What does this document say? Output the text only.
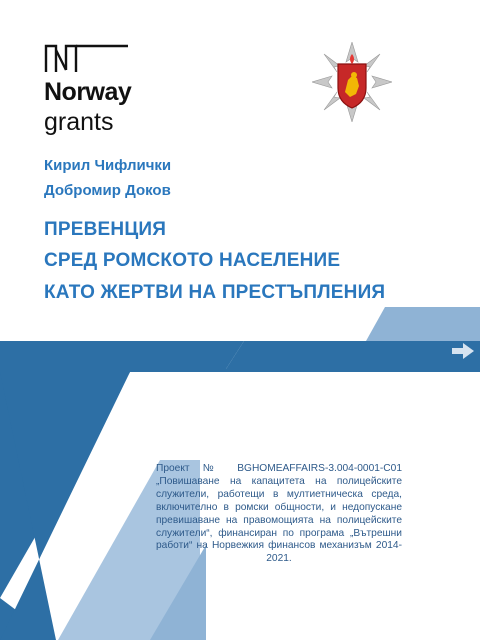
Norway
grants
Кирил Чифлички
Добромир Доков
ПРЕВЕНЦИЯ
СРЕД РОМСКОТО НАСЕЛЕНИЕ
КАТО ЖЕРТВИ НА ПРЕСТЪПЛЕНИЯ
Проект № BGHOMEAFFAIRS-3.004-0001-C01 „Повишаване на капацитета на полицейските служители, работещи в мултиетническа среда, включително в ромски общности, и недопускане превишаване на правомощията на полицейските служители“, финансиран по програма „Вътрешни работи“ на Норвежкия финансов механизъм 2014-2021.
